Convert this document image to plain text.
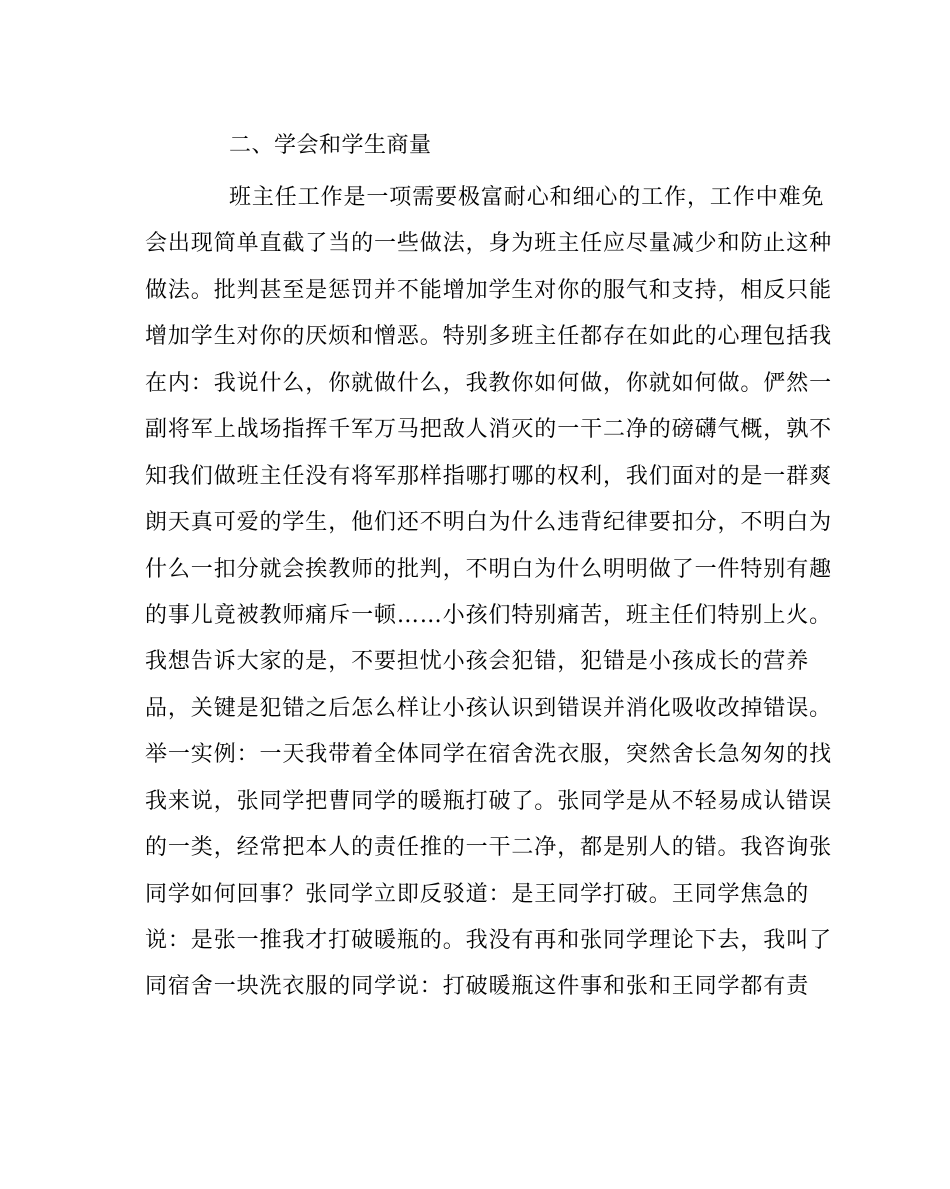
二、学会和学生商量
班主任工作是一项需要极富耐心和细心的工作，工作中难免
会出现简单直截了当的一些做法，身为班主任应尽量减少和防止这种
做法。批判甚至是惩罚并不能增加学生对你的服气和支持，相反只能
增加学生对你的厌烦和憎恶。特别多班主任都存在如此的心理包括我
在内：我说什么，你就做什么，我教你如何做，你就如何做。俨然一
副将军上战场指挥千军万马把敌人消灭的一干二净的磅礴气概，孰不
知我们做班主任没有将军那样指哪打哪的权利，我们面对的是一群爽
朗天真可爱的学生，他们还不明白为什么违背纪律要扣分，不明白为
什么一扣分就会挨教师的批判，不明白为什么明明做了一件特别有趣
的事儿竟被教师痛斥一顿……小孩们特别痛苦，班主任们特别上火。
我想告诉大家的是，不要担忧小孩会犯错，犯错是小孩成长的营养
品，关键是犯错之后怎么样让小孩认识到错误并消化吸收改掉错误。
举一实例：一天我带着全体同学在宿舍洗衣服，突然舍长急匆匆的找
我来说，张同学把曹同学的暖瓶打破了。张同学是从不轻易成认错误
的一类，经常把本人的责任推的一干二净，都是别人的错。我咨询张
同学如何回事？张同学立即反驳道：是王同学打破。王同学焦急的
说：是张一推我才打破暖瓶的。我没有再和张同学理论下去，我叫了
同宿舍一块洗衣服的同学说：打破暖瓶这件事和张和王同学都有责
